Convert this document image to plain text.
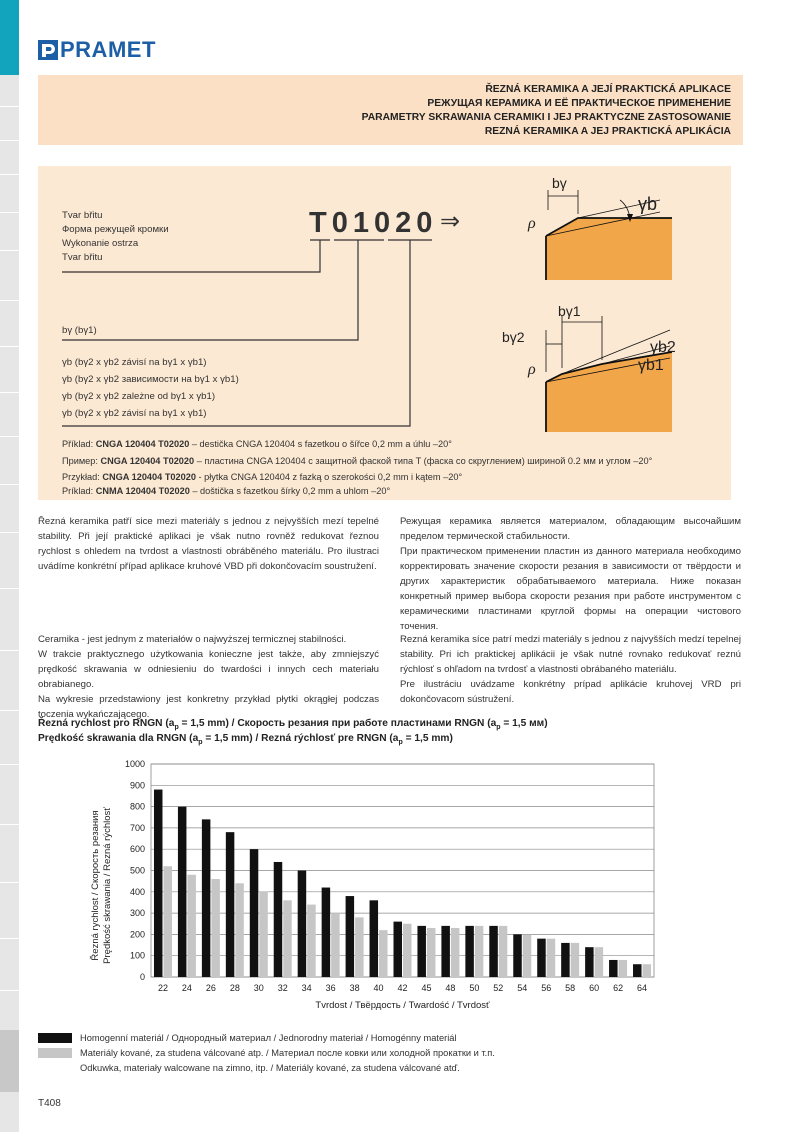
PRAMET
ŘEZNÁ KERAMIKA A JEJÍ PRAKTICKÁ APLIKACE
РЕЖУЩАЯ КЕРАМИКА И ЕЁ ПРАКТИЧЕСКОЕ ПРИМЕНЕНИЕ
PARAMETRY SKRAWANIA CERAMIKI I JEJ PRAKTYCZNE ZASTOSOWANIE
REZNÁ KERAMIKA A JEJ PRAKTICKÁ APLIKÁCIA
Tvar břitu
Форма режущей кромки
Wykonanie ostrza
Tvar břitu
T01020 ⇒
bγ (bγ1)
γb (bγ2 x γb2 závisí na bγ1 x γb1)
γb (bγ2 x γb2 зависимости на bγ1 x γb1)
γb (bγ2 x γb2 zależne od bγ1 x γb1)
γb (bγ2 x γb2 závisí na bγ1 x γb1)
bγ
γb
ρ
bγ1
bγ2
γb2
γb1
ρ
Příklad: CNGA 120404 T02020 – destička CNGA 120404 s fazetkou o šířce 0,2 mm a úhlu –20°
Пример: CNGA 120404 T02020 – пластина CNGA 120404 с защитной фаcкой типа T (фаска со скруглением) шириной 0.2 мм и углом –20°
Przykład: CNGA 120404 T02020 - płytka CNGA 120404 z fazką o szerokości 0,2 mm i kątem –20°
Príklad: CNMA 120404 T02020 – doštička s fazetkou šírky 0,2 mm a uhlom –20°
Řezná keramika patří sice mezi materiály s jednou z nejvyšších mezí tepelné stability. Při její praktické aplikaci je však nutno rovněž redukovat řeznou rychlost s ohledem na tvrdost a vlastnosti obráběného materiálu. Pro ilustraci uvádíme konkrétní případ aplikace kruhové VBD při dokončovacím soustružení.
Режущая керамика является материалом, обладающим высочайшим пределом термической стабильности.
При практическом применении пластин из данного материала необходимо корректировать значение скорости резания в зависимости от твёрдости и других характеристик обрабатываемого материала. Ниже показан конкретный пример выбора скорости резания при работе инструментом с керамическими пластинами круглой формы на операции чистового точения.
Ceramika - jest jednym z materiałów o najwyższej termicznej stabilności.
W trakcie praktycznego użytkowania konieczne jest także, aby zmniejszyć prędkość skrawania w odniesieniu do twardości i innych cech materiału obrabianego.
Na wykresie przedstawiony jest konkretny przykład płytki okrągłej podczas toczenia wykańczającego.
Rezná keramika síce patrí medzi materiály s jednou z najvyšších medzí tepelnej stability. Pri ich praktickej aplikácii je však nutné rovnako redukovať reznú rýchlosť s ohľadom na tvrdosť a vlastnosti obrábaného materiálu.
Pre ilustráciu uvádzame konkrétny prípad aplikácie kruhovej VRD pri dokončovacom sústružení.
Řezná rychlost pro RNGN ($a_p = 1,5$ mm) / Скорость резания при работе пластинами RNGN ($a_p = 1,5$ мм)
Prędkość skrawania dla RNGN ($a_p = 1,5$ mm) / Rezná rýchlosť pre RNGN ($a_p = 1,5$ mm)
0
100
200
300
400
500
600
700
800
900
1000
22 24 26 28 30 32 34 36 38 40 42 45 48 50 52 54 56 58 60 62 64
Tvrdost / Твёрдость / Twardość / Tvrdosť
Řezná rychlost / Скорость резания Prędkość skrawania / Rezná rýchlosť
Homogenní materiál / Однородный материал / Jednorodny materiał / Homogénny materiál
Materiály kované, za studena válcované atp. / Материал после ковки или холодной прокатки и т.п.
Odkuwka, materiały walcowane na zimno, itp. / Materiály kované, za studena válcované atď.
T408
